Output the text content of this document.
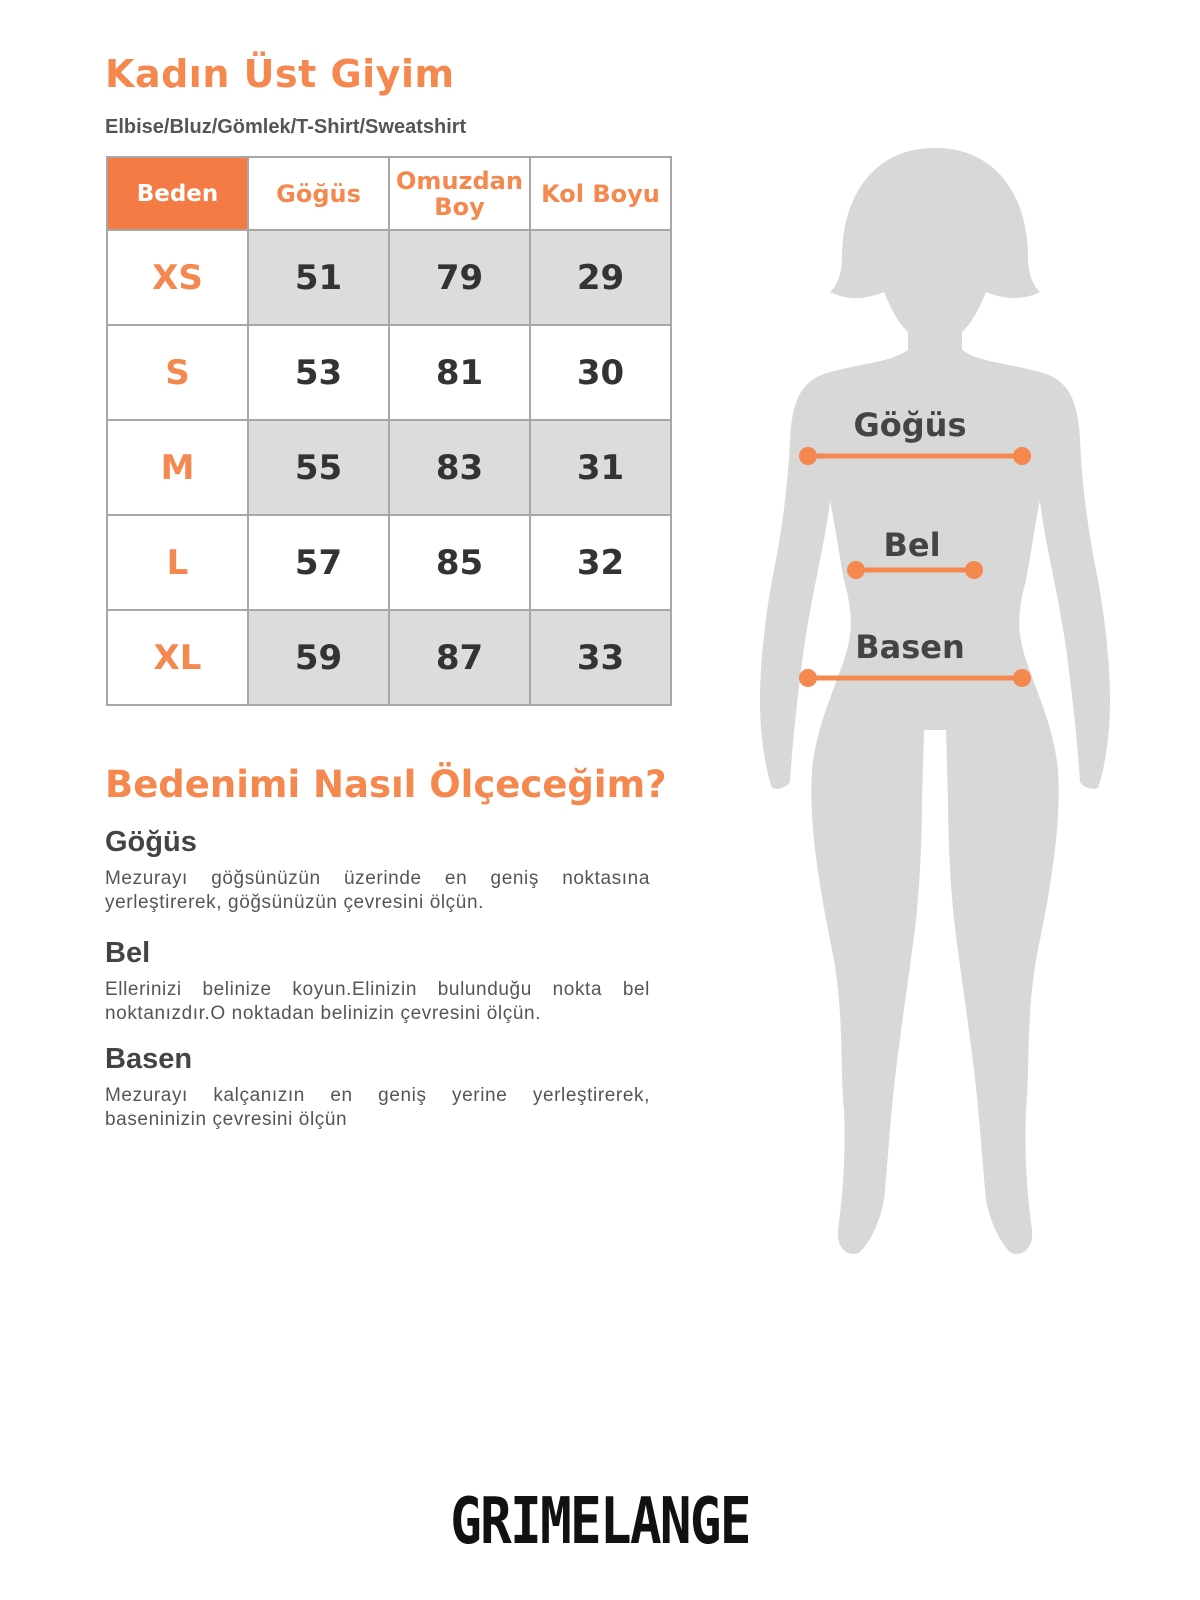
Kadın Üst Giyim
Elbise/Bluz/Gömlek/T-Shirt/Sweatshirt
Beden	Göğüs	Omuzdan Boy	Kol Boyu
XS	51	79	29
S	53	81	30
M	55	83	31
L	57	85	32
XL	59	87	33
Bedenimi Nasıl Ölçeceğim?
Göğüs

Mezurayı göğsünüzün üzerinde en geniş noktasına yerleştirerek, göğsünüzün çevresini ölçün.

Bel

Ellerinizi belinize koyun.Elinizin bulunduğu nokta bel noktanızdır.O noktadan belinizin çevresini ölçün.

Basen

Mezurayı kalçanızın en geniş yerine yerleştirerek, baseninizin çevresini ölçün

Göğüs
Bel
Basen
GRIMELANGE
